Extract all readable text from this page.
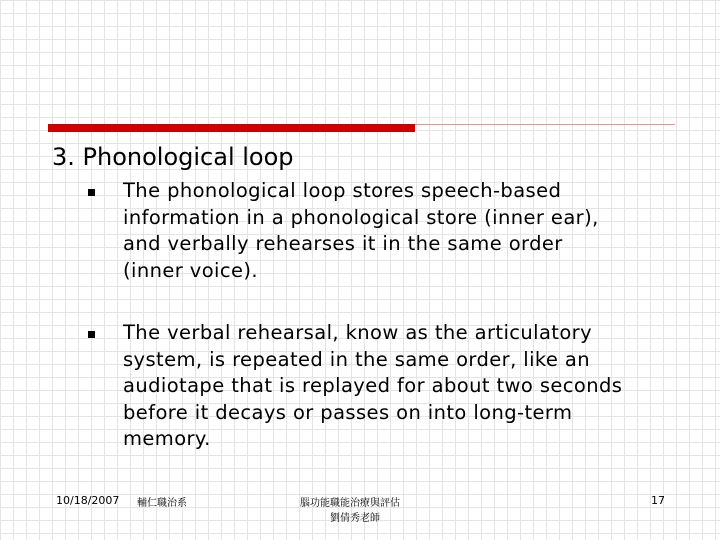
3. Phonological loop
The phonological loop stores speech-based
information in a phonological store (inner ear),
and verbally rehearses it in the same order
(inner voice).
The verbal rehearsal, know as the articulatory
system, is repeated in the same order, like an
audiotape that is replayed for about two seconds
before it decays or passes on into long-term
memory.
10/18/2007 輔仁職治系	腦功能職能治療與評估
劉倩秀老師
17
